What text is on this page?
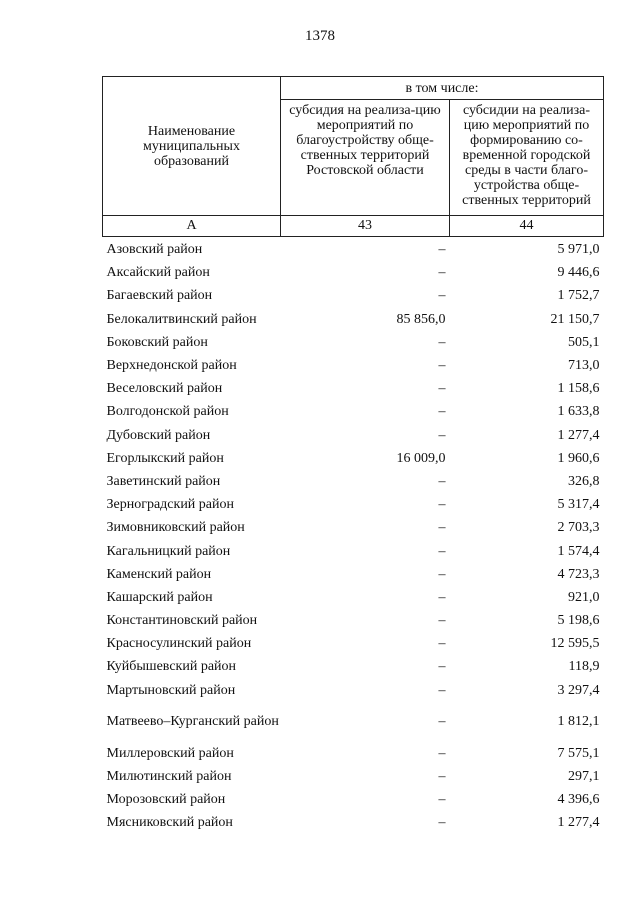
1378
Наименование муниципальных образований	в том числе:	
	субсидия на реализа-цию мероприятий по благоустройству обще-ственных территорий Ростовской области	субсидии на реализа-цию мероприятий по формированию со-временной городской среды в части благо-устройства обще-ственных территорий
А	43	44
Азовский район	–	5 971,0
Аксайский район	–	9 446,6
Багаевский район	–	1 752,7
Белокалитвинский район	85 856,0	21 150,7
Боковский район	–	505,1
Верхнедонской район	–	713,0
Веселовский район	–	1 158,6
Волгодонской район	–	1 633,8
Дубовский район	–	1 277,4
Егорлыкский район	16 009,0	1 960,6
Заветинский район	–	326,8
Зерноградский район	–	5 317,4
Зимовниковский район	–	2 703,3
Кагальницкий район	–	1 574,4
Каменский район	–	4 723,3
Кашарский район	–	921,0
Константиновский район	–	5 198,6
Красносулинский район	–	12 595,5
Куйбышевский район	–	118,9
Мартыновский район	–	3 297,4
Матвеево–Курганский район	–	1 812,1
Миллеровский район	–	7 575,1
Милютинский район	–	297,1
Морозовский район	–	4 396,6
Мясниковский район	–	1 277,4
